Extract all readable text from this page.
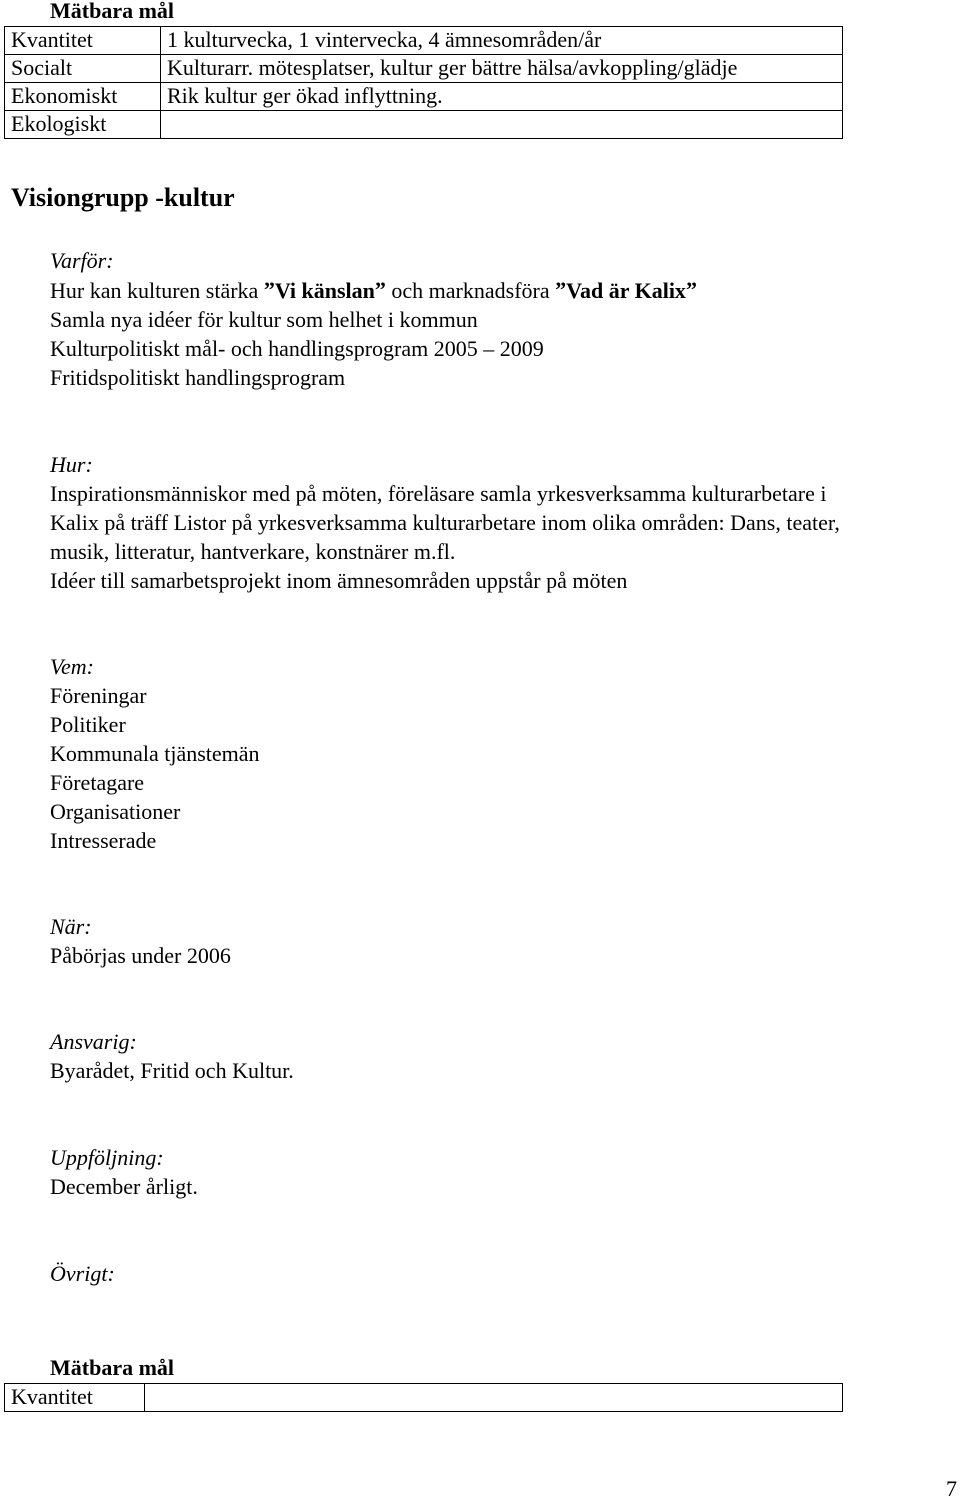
Mätbara mål
Kvantitet	1 kulturvecka, 1 vintervecka, 4 ämnesområden/år
Socialt	Kulturarr. mötesplatser, kultur ger bättre hälsa/avkoppling/glädje
Ekonomiskt	Rik kultur ger ökad inflyttning.
Ekologiskt	
Visiongrupp -kultur
Varför:
Hur kan kulturen stärka ”Vi känslan” och marknadsföra ”Vad är Kalix”
Samla nya idéer för kultur som helhet i kommun
Kulturpolitiskt mål- och handlingsprogram 2005 – 2009
Fritidspolitiskt handlingsprogram
Hur:
Inspirationsmänniskor med på möten, föreläsare samla yrkesverksamma kulturarbetare i
Kalix på träff Listor på yrkesverksamma kulturarbetare inom olika områden: Dans, teater,
musik, litteratur, hantverkare, konstnärer m.fl.
Idéer till samarbetsprojekt inom ämnesområden uppstår på möten
Vem:
Föreningar
Politiker
Kommunala tjänstemän
Företagare
Organisationer
Intresserade
När:
Påbörjas under 2006
Ansvarig:
Byarådet, Fritid och Kultur.
Uppföljning:
December årligt.
Övrigt:
Mätbara mål
Kvantitet	
7
